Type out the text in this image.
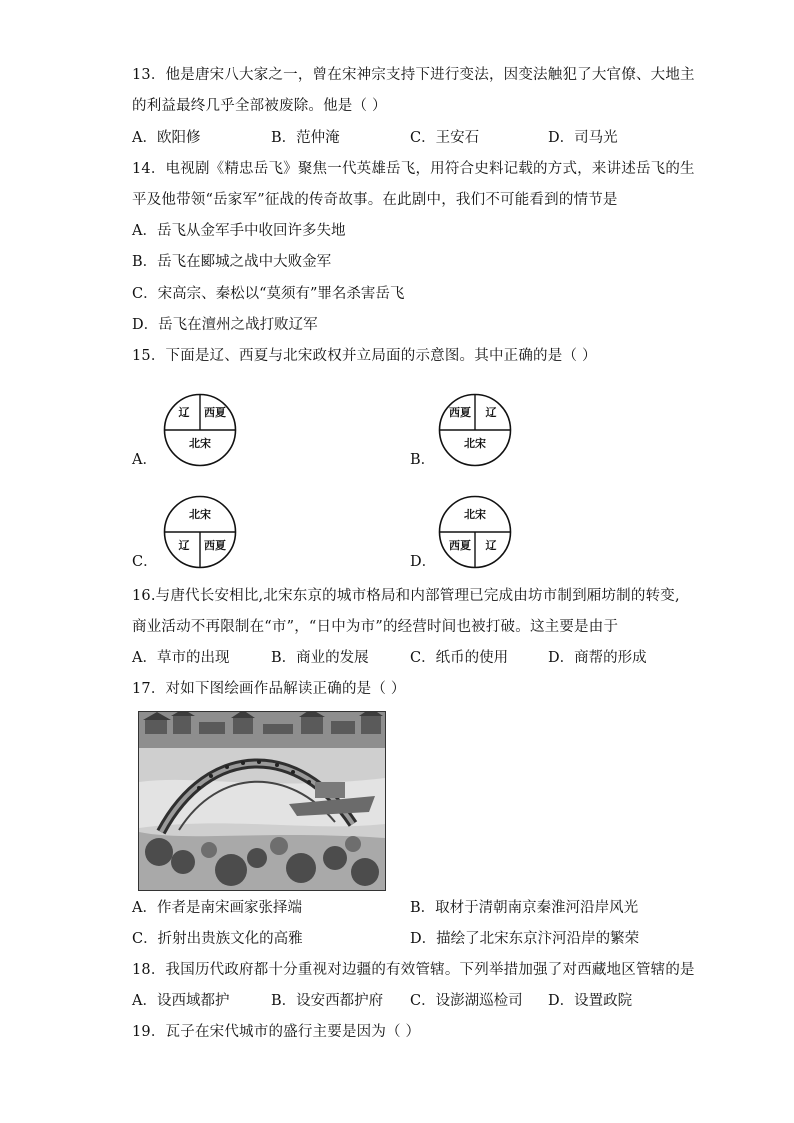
13．他是唐宋八大家之一，曾在宋神宗支持下进行变法，因变法触犯了大官僚、大地主
的利益最终几乎全部被废除。他是（ ）
A．欧阳修	B．范仲淹	C．王安石	D．司马光
14．电视剧《精忠岳飞》聚焦一代英雄岳飞，用符合史料记载的方式，来讲述岳飞的生
平及他带领“岳家军”征战的传奇故事。在此剧中，我们不可能看到的情节是
A．岳飞从金军手中收回许多失地
B．岳飞在郾城之战中大败金军
C．宋高宗、秦松以“莫须有”罪名杀害岳飞
D．岳飞在澶州之战打败辽军
15．下面是辽、西夏与北宋政权并立局面的示意图。其中正确的是（ ）
A．
辽 西夏
北宋
B．
西夏 辽
北宋
C．
北宋
辽 西夏
D．
北宋
西夏 辽
16.与唐代长安相比,北宋东京的城市格局和内部管理已完成由坊市制到厢坊制的转变,
商业活动不再限制在“市”，“日中为市”的经营时间也被打破。这主要是由于
A．草市的出现	B．商业的发展	C．纸币的使用	D．商帮的形成
17．对如下图绘画作品解读正确的是（ ）
A．作者是南宋画家张择端	B．取材于清朝南京秦淮河沿岸风光
C．折射出贵族文化的高雅	D．描绘了北宋东京汴河沿岸的繁荣
18．我国历代政府都十分重视对边疆的有效管辖。下列举措加强了对西藏地区管辖的是
A．设西域都护	B．设安西都护府 C．设澎湖巡检司 D．设置政院
19．瓦子在宋代城市的盛行主要是因为（ ）
